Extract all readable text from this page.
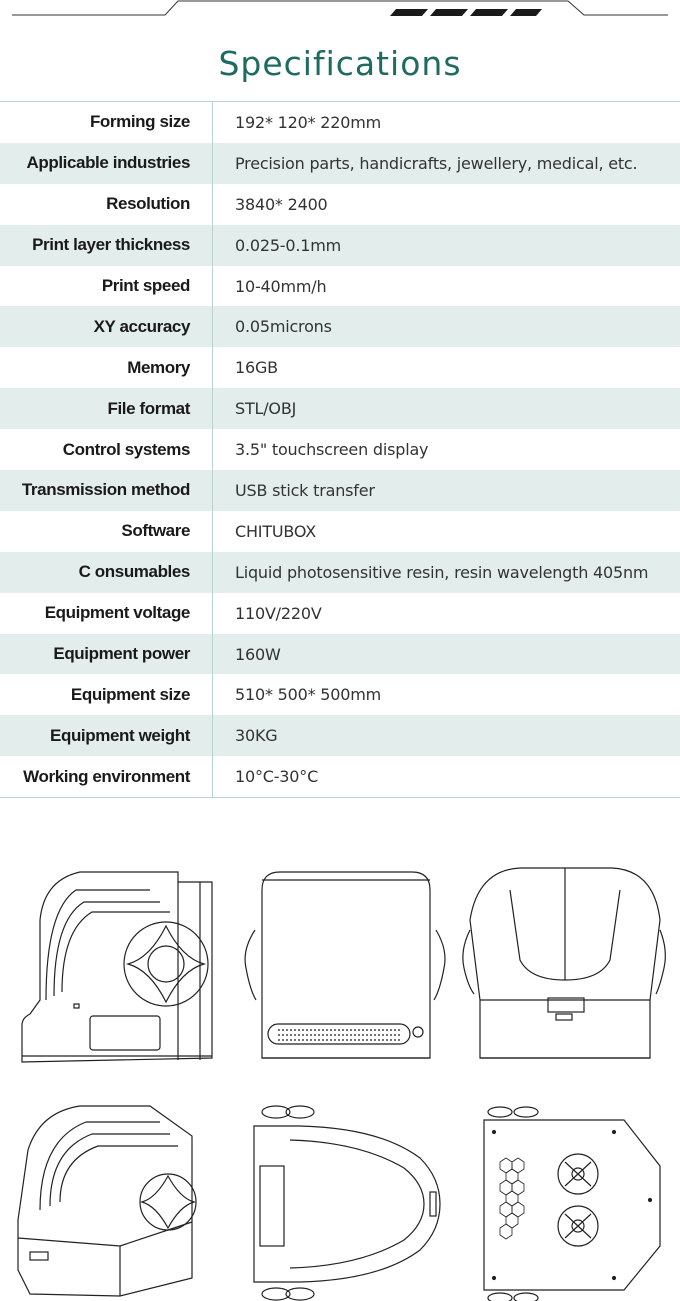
Specifications
Forming size	192* 120* 220mm
Applicable industries	Precision parts, handicrafts, jewellery, medical, etc.
Resolution	3840* 2400
Print layer thickness	0.025-0.1mm
Print speed	10-40mm/h
XY accuracy	0.05microns
Memory	16GB
File format	STL/OBJ
Control systems	3.5" touchscreen display
Transmission method	USB stick transfer
Software	CHITUBOX
C onsumables	Liquid photosensitive resin, resin wavelength 405nm
Equipment voltage	110V/220V
Equipment power	160W
Equipment size	510* 500* 500mm
Equipment weight	30KG
Working environment	10°C-30°C
